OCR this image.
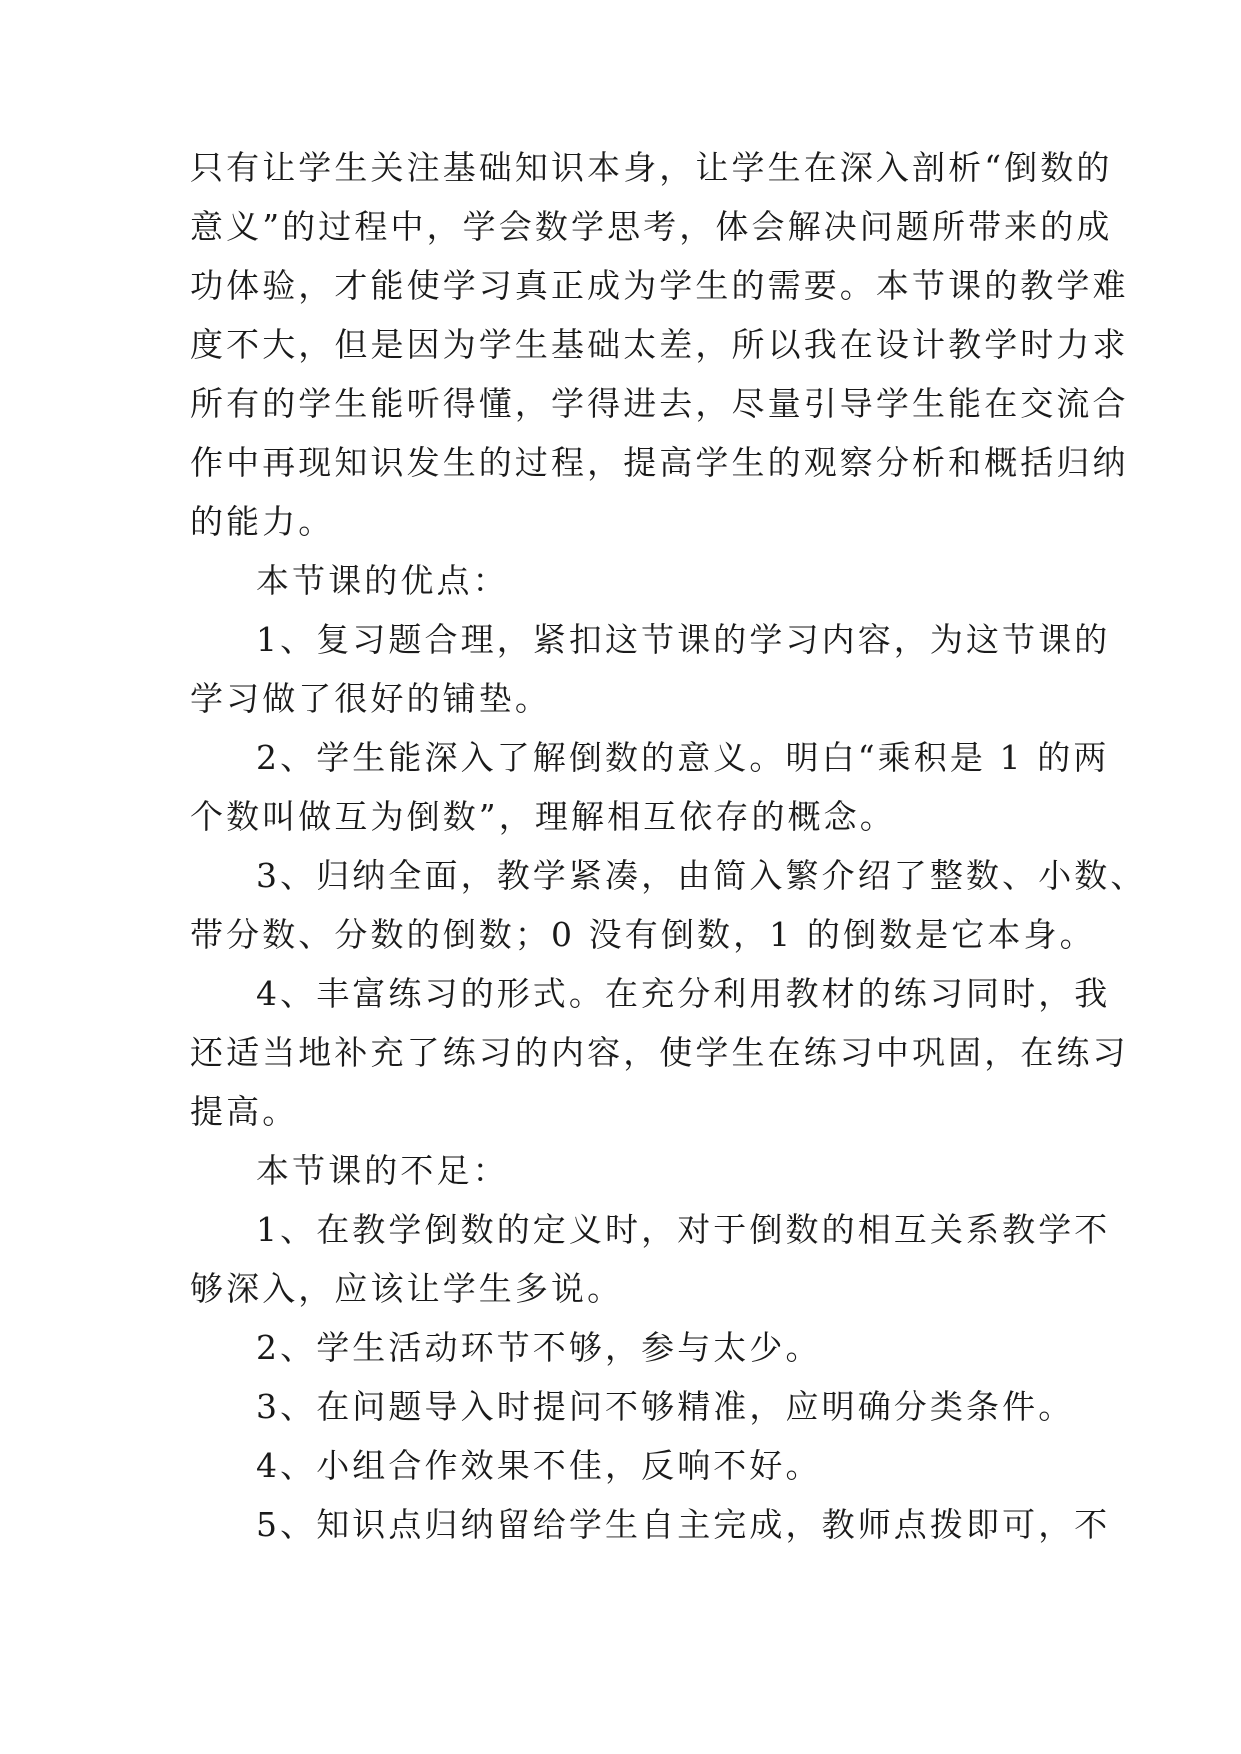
只有让学生关注基础知识本身，让学生在深入剖析“倒数的
意义”的过程中，学会数学思考，体会解决问题所带来的成
功体验，才能使学习真正成为学生的需要。本节课的教学难
度不大，但是因为学生基础太差，所以我在设计教学时力求
所有的学生能听得懂，学得进去，尽量引导学生能在交流合
作中再现知识发生的过程，提高学生的观察分析和概括归纳
的能力。
本节课的优点：
1、复习题合理，紧扣这节课的学习内容，为这节课的
学习做了很好的铺垫。
2、学生能深入了解倒数的意义。明白“乘积是 1 的两
个数叫做互为倒数”，理解相互依存的概念。
3、归纳全面，教学紧凑，由简入繁介绍了整数、小数、
带分数、分数的倒数；0 没有倒数，1 的倒数是它本身。
4、丰富练习的形式。在充分利用教材的练习同时，我
还适当地补充了练习的内容，使学生在练习中巩固，在练习
提高。
本节课的不足：
1、在教学倒数的定义时，对于倒数的相互关系教学不
够深入，应该让学生多说。
2、学生活动环节不够，参与太少。
3、在问题导入时提问不够精准，应明确分类条件。
4、小组合作效果不佳，反响不好。
5、知识点归纳留给学生自主完成，教师点拨即可，不
